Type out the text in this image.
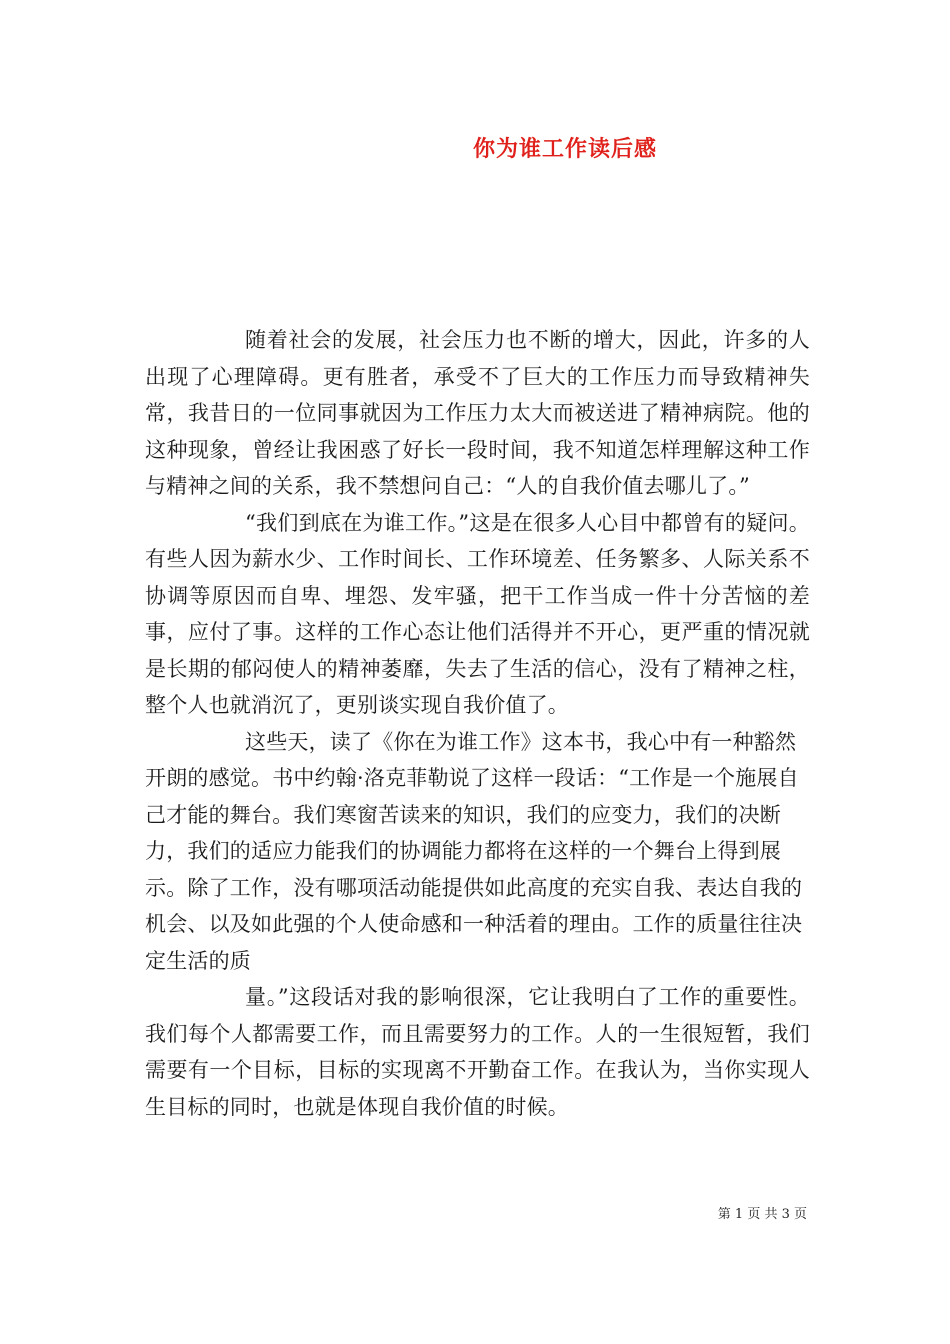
你为谁工作读后感

随着社会的发展，社会压力也不断的增大，因此，许多的人出现了心理障碍。更有胜者，承受不了巨大的工作压力而导致精神失常，我昔日的一位同事就因为工作压力太大而被送进了精神病院。他的这种现象，曾经让我困惑了好长一段时间，我不知道怎样理解这种工作与精神之间的关系，我不禁想问自己：“人的自我价值去哪儿了。”

“我们到底在为谁工作。”这是在很多人心目中都曾有的疑问。有些人因为薪水少、工作时间长、工作环境差、任务繁多、人际关系不协调等原因而自卑、埋怨、发牢骚，把干工作当成一件十分苦恼的差事，应付了事。这样的工作心态让他们活得并不开心，更严重的情况就是长期的郁闷使人的精神萎靡，失去了生活的信心，没有了精神之柱，整个人也就消沉了，更别谈实现自我价值了。

这些天，读了《你在为谁工作》这本书，我心中有一种豁然开朗的感觉。书中约翰·洛克菲勒说了这样一段话：“工作是一个施展自己才能的舞台。我们寒窗苦读来的知识，我们的应变力，我们的决断力，我们的适应力能我们的协调能力都将在这样的一个舞台上得到展示。除了工作，没有哪项活动能提供如此高度的充实自我、表达自我的机会、以及如此强的个人使命感和一种活着的理由。工作的质量往往决定生活的质

量。”这段话对我的影响很深，它让我明白了工作的重要性。我们每个人都需要工作，而且需要努力的工作。人的一生很短暂，我们需要有一个目标，目标的实现离不开勤奋工作。在我认为，当你实现人生目标的同时，也就是体现自我价值的时候。

第 1 页 共 3 页
